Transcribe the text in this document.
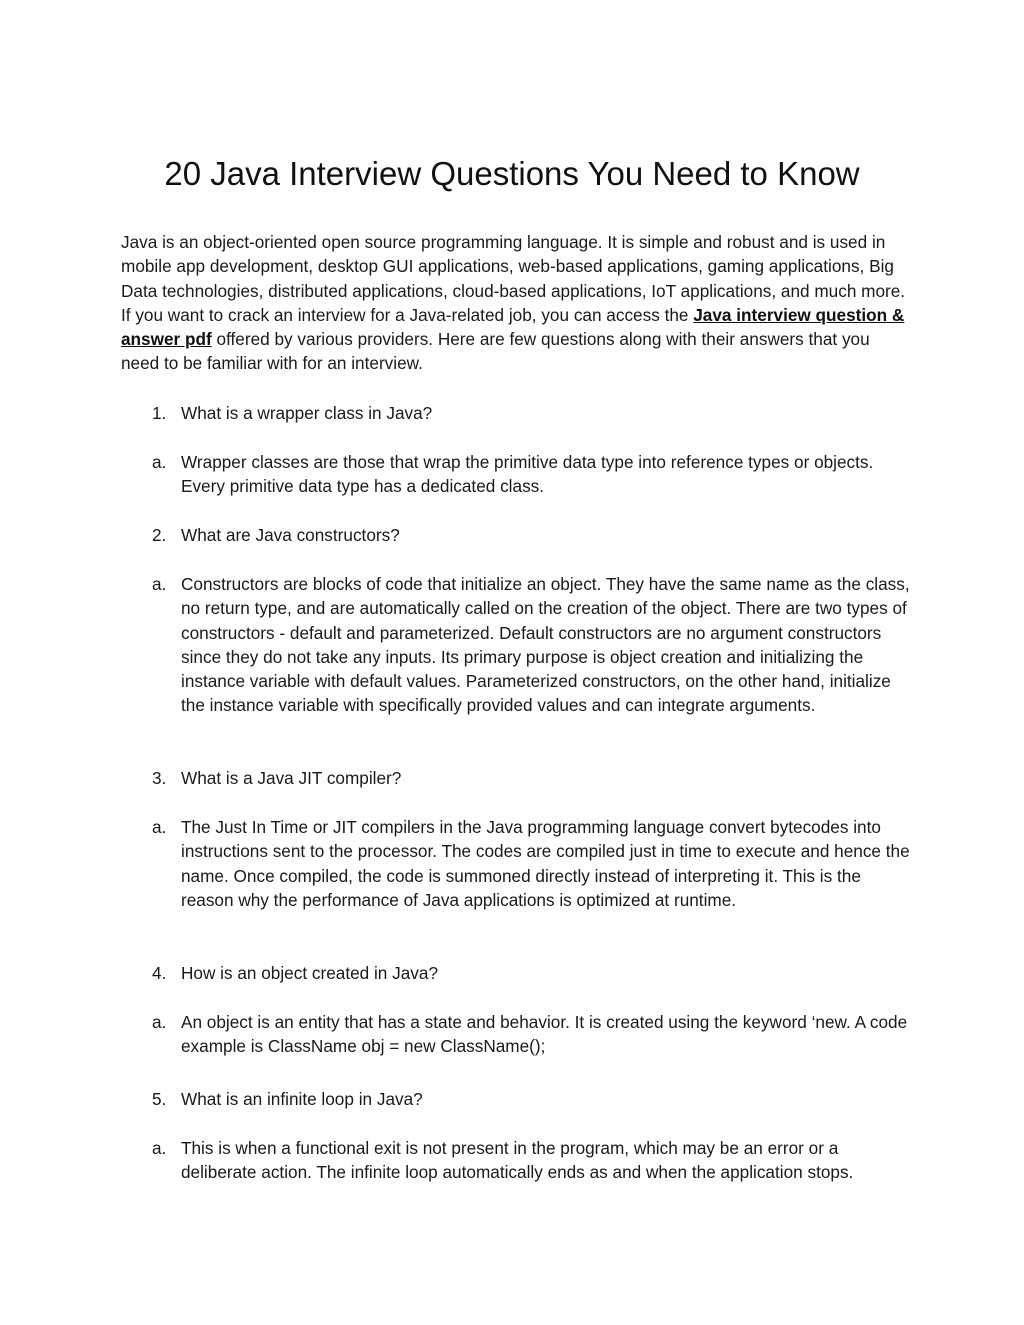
20 Java Interview Questions You Need to Know

Java is an object-oriented open source programming language. It is simple and robust and is used in mobile app development, desktop GUI applications, web-based applications, gaming applications, Big Data technologies, distributed applications, cloud-based applications, IoT applications, and much more. If you want to crack an interview for a Java-related job, you can access the Java interview question & answer pdf offered by various providers. Here are few questions along with their answers that you need to be familiar with for an interview.

1. What is a wrapper class in Java?
a. Wrapper classes are those that wrap the primitive data type into reference types or objects. Every primitive data type has a dedicated class.
2. What are Java constructors?
a. Constructors are blocks of code that initialize an object. They have the same name as the class, no return type, and are automatically called on the creation of the object. There are two types of constructors - default and parameterized. Default constructors are no argument constructors since they do not take any inputs. Its primary purpose is object creation and initializing the instance variable with default values. Parameterized constructors, on the other hand, initialize the instance variable with specifically provided values and can integrate arguments.
3. What is a Java JIT compiler?
a. The Just In Time or JIT compilers in the Java programming language convert bytecodes into instructions sent to the processor. The codes are compiled just in time to execute and hence the name. Once compiled, the code is summoned directly instead of interpreting it. This is the reason why the performance of Java applications is optimized at runtime.
4. How is an object created in Java?
a. An object is an entity that has a state and behavior. It is created using the keyword ‘new. A code example is ClassName obj = new ClassName();
5. What is an infinite loop in Java?
a. This is when a functional exit is not present in the program, which may be an error or a deliberate action. The infinite loop automatically ends as and when the application stops.
